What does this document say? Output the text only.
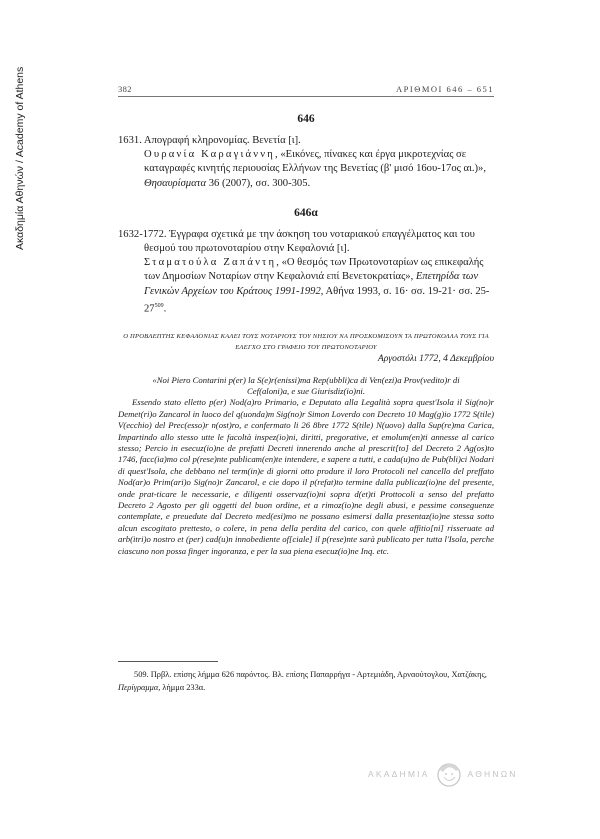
Ακαδημία Αθηνών / Academy of Athens	382	ΑΡΙΘΜΟΙ 646 – 651
646

1631. Απογραφή κληρονομίας. Βενετία [ι].

Ουρανία Καραγιάννη, «Εικόνες, πίνακες και έργα μικροτεχνίας σε καταγραφές κινητής περιουσίας Ελλήνων της Βενετίας (β' μισό 16ου-17ος αι.)», Θησαυρίσματα 36 (2007), σσ. 300-305.

646α

1632-1772. Έγγραφα σχετικά με την άσκηση του νοταριακού επαγγέλματος και του θεσμού του πρωτονοταρίου στην Κεφαλονιά [ι].

Σταματούλα Ζαπάντη, «Ο θεσμός των Πρωτονοταρίων ως επικεφαλής των Δημοσίων Νοταρίων στην Κεφαλονιά επί Βενετοκρατίας», Επετηρίδα των Γενικών Αρχείων του Κράτους 1991-1992, Αθήνα 1993, σ. 16· σσ. 19-21· σσ. $25-27^{509}$.

Ο ΠΡΟΒΛΕΠΤΗΣ ΚΕΦΑΛΟΝΙΑΣ ΚΑΛΕΙ ΤΟΥΣ ΝΟΤΑΡΙΟΥΣ ΤΟΥ ΝΗΣΙΟΥ ΝΑ ΠΡΟΣΚΟΜΙΣΟΥΝ ΤΑ ΠΡΩΤΟΚΟΛΛΑ ΤΟΥΣ ΓΙΑ ΕΛΕΓΧΟ ΣΤΟ ΓΡΑΦΕΙΟ ΤΟΥ ΠΡΩΤΟΝΟΤΑΡΙΟΥ
Αργοστόλι 1772, 4 Δεκεμβρίου

«Noi Piero Contarini p(er) la S(e)r(enissi)ma Rep(ubbli)ca di Ven(ezi)a Prov(vedito)r di Cef(aloni)a, e sue Giurisdiz(io)ni.

Essendo stato elletto p(er) Nod(a)ro Primario, e Deputato alla Legalità sopra quest'Isola il Sig(no)r Demet(ri)o Zancarol in luoco del q(uonda)m Sig(no)r Simon Loverdo con Decreto 10 Mag(g)io 1772 S(tile) V(ecchio) del Prec(esso)r n(ost)ro, e confermato li 26 8bre 1772 S(tile) N(uovo) dalla Sup(re)ma Carica, Impartindo allo stesso utte le facoltà inspez(io)ni, diritti, pregorative, et emolum(en)ti annesse al carico stesso; Percio in esecuz(io)ne de prefatti Decreti innerendo anche al prescrit[to] del Decreto 2 Ag(os)to 1746, facc(ia)mo col p(rese)nte publicam(en)te intendere, e sapere a tutti, e cada(u)no de Pub(bli)ci Nodari di quest'Isola, che debbano nel term(in)e di giorni otto produre il loro Protocoli nel cancello del preffato Nod(ar)o Prim(ari)o Sig(no)r Zancarol, e cie dopo il p(refat)to termine dalla publicaz(io)ne del presente, onde prat-ticare le necessarie, e diligenti osservaz(io)ni sopra d(et)ti Prottocoli a senso del prefatto Decreto 2 Agosto per gli oggetti del buon ordine, et a rimoz(io)ne degli abusi, e pessime conseguenze contemplate, e preuedute dal Decreto med(esi)mo ne possano esimersi dalla presentaz(io)ne stessa sotto alcun escogitato prettesto, o colere, in pena della perdita del carico, con quele affitio[ni] risseruate ad arb(itri)o nostro et (per) cad(u)n innobediente of[ciale] il p(rese)nte sarà publicato per tutta l'Isola, perche ciascuno non possa finger ingoranza, e per la sua piena esecuz(io)ne Inq. etc.

509. Πρβλ. επίσης λήμμα 626 παρόντος. Βλ. επίσης Παπαρρήγα - Αρτεμιάδη, Αρναούτογλου, Χατζάκης, Περίγραμμα, λήμμα 233α.
ΑΚΑΔΗΜΙΑ	ΑΘΗΝΩΝ
